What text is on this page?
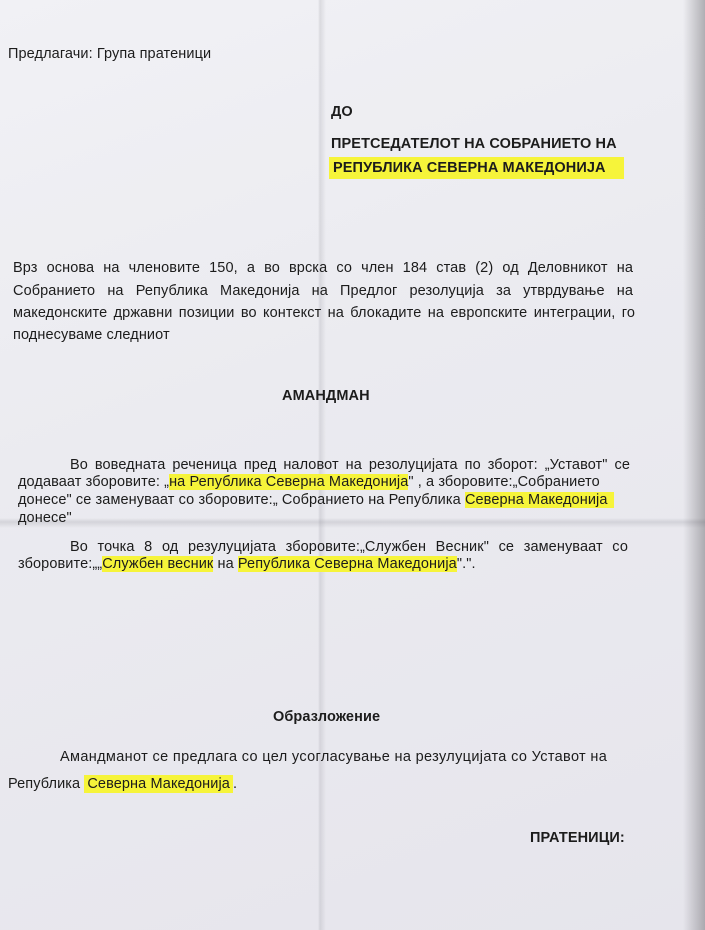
Предлагачи: Група пратеници
ДО
ПРЕТСЕДАТЕЛОТ НА СОБРАНИЕТО НА
РЕПУБЛИКА СЕВЕРНА МАКЕДОНИЈА
Врз основа на членовите 150, а во врска со член 184 став (2) од Деловникот на
Собранието на Република Македонија на Предлог резолуција за утврдување на
македонските државни позиции во контекст на блокадите на европските интеграции, го
поднесуваме следниот
АМАНДМАН
Во воведната реченица пред наловот на резолуцијата по зборот: „Уставот" се
додаваат зборовите: „на Република Северна Македонија" , а зборовите:„Собранието
донесе" се заменуваат со зборовите:„ Собранието на Република Северна Македонија
донесе"
Во точка 8 од резулуцијата зборовите:„Службен Весник" се заменуваат со
зборовите:„„Службен весник на Република Северна Македонија".".
Образложение
Амандманот се предлага со цел усогласување на резулуцијата со Уставот на
Република Северна Македонија .
ПРАТЕНИЦИ:
